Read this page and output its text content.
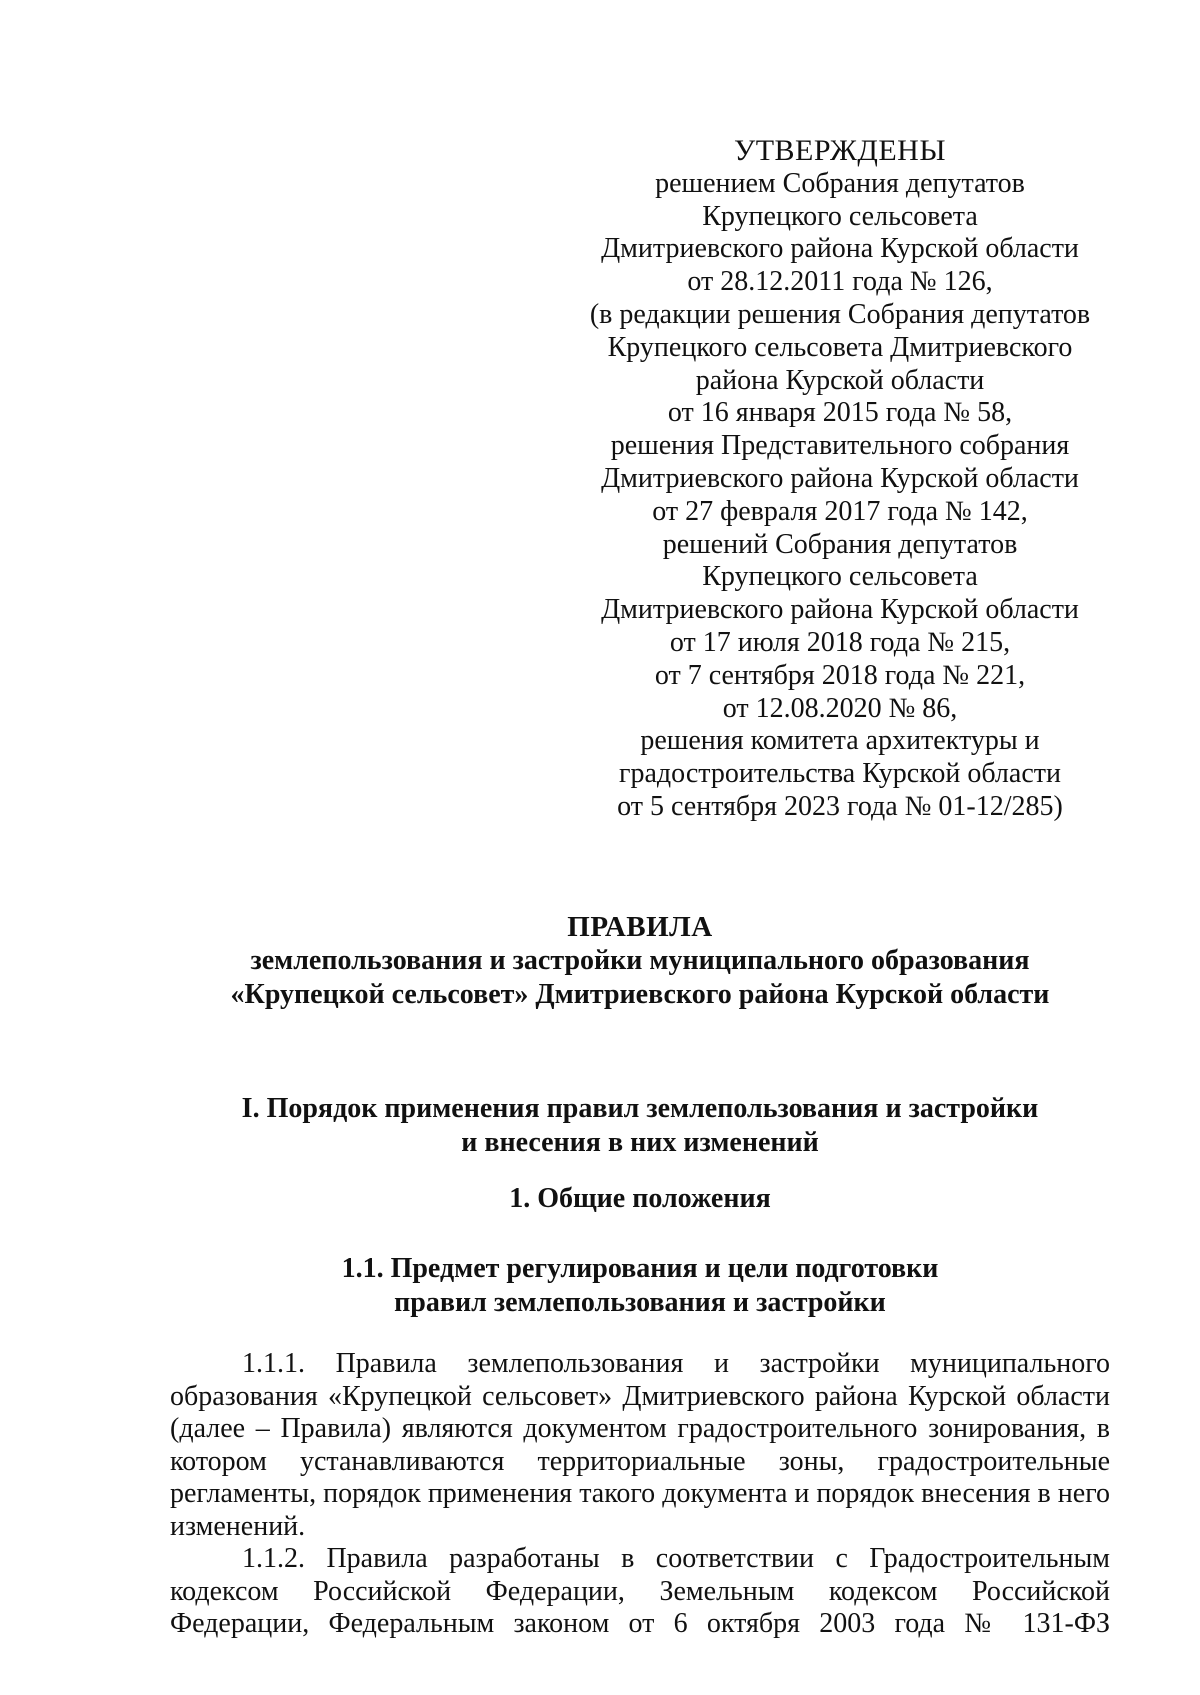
УТВЕРЖДЕНЫ
решением Собрания депутатов
Крупецкого сельсовета
Дмитриевского района Курской области
от 28.12.2011 года № 126,
(в редакции решения Собрания депутатов
Крупецкого сельсовета Дмитриевского
района Курской области
от 16 января 2015 года № 58,
решения Представительного собрания
Дмитриевского района Курской области
от 27 февраля 2017 года № 142,
решений Собрания депутатов
Крупецкого сельсовета
Дмитриевского района Курской области
от 17 июля 2018 года № 215,
от 7 сентября 2018 года № 221,
от 12.08.2020 № 86,
решения комитета архитектуры и
градостроительства Курской области
от 5 сентября 2023 года № 01-12/285)
ПРАВИЛА
землепользования и застройки муниципального образования
«Крупецкой сельсовет» Дмитриевского района Курской области
I. Порядок применения правил землепользования и застройки
и внесения в них изменений
1. Общие положения
1.1. Предмет регулирования и цели подготовки
правил землепользования и застройки

1.1.1. Правила землепользования и застройки муниципального образования «Крупецкой сельсовет» Дмитриевского района Курской области (далее – Правила) являются документом градостроительного зонирования, в котором устанавливаются территориальные зоны, градостроительные регламенты, порядок применения такого документа и порядок внесения в него изменений.

1.1.2. Правила разработаны в соответствии с Градостроительным кодексом Российской Федерации, Земельным кодексом Российской Федерации, Федеральным законом от 6 октября 2003 года № 131-ФЗ
